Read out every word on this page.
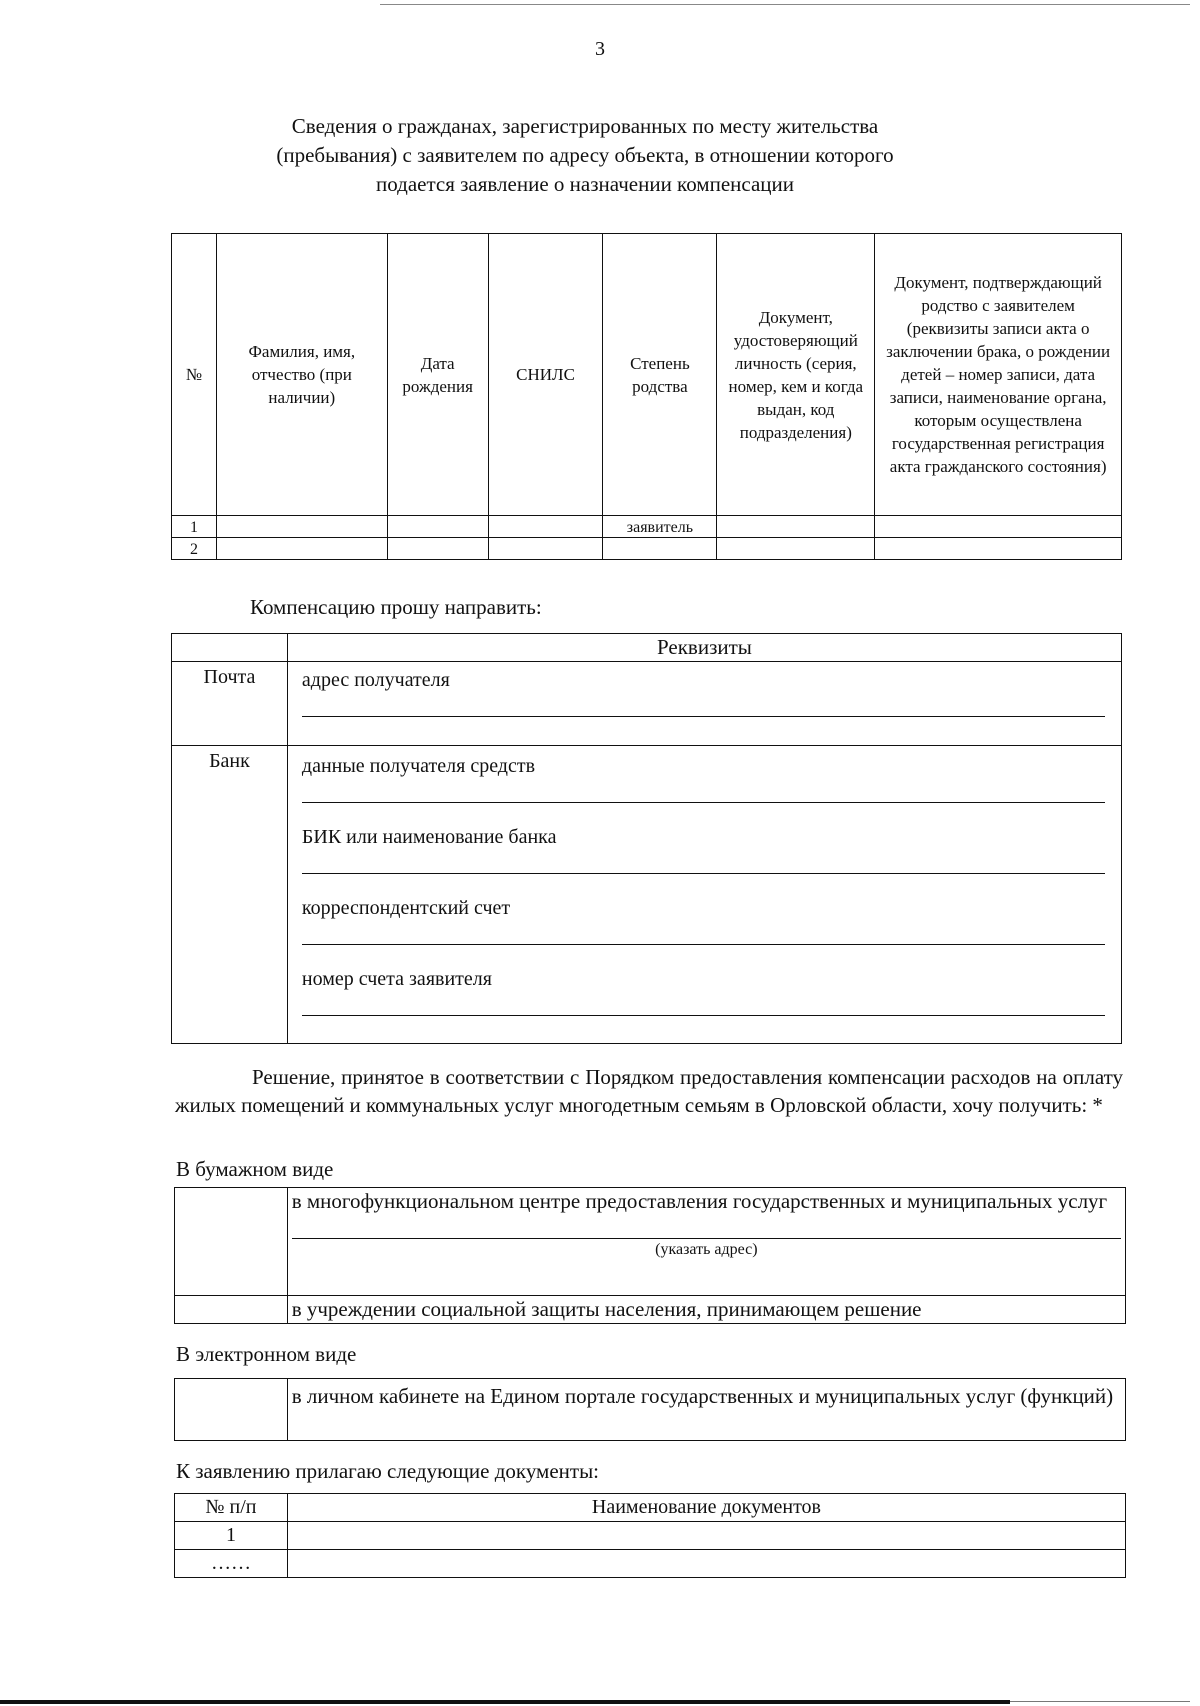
3
Сведения о гражданах, зарегистрированных по месту жительства
(пребывания) с заявителем по адресу объекта, в отношении которого
подается заявление о назначении компенсации
№	Фамилия, имя, отчество (при наличии)	Дата рождения	СНИЛС	Степень родства	Документ, удостоверяющий личность (серия, номер, кем и когда выдан, код подразделения)	Документ, подтверждающий родство с заявителем (реквизиты записи акта о заключении брака, о рождении детей – номер записи, дата записи, наименование органа, которым осуществлена государственная регистрация акта гражданского состояния)
1				заявитель		
2						
Компенсацию прошу направить:
	Реквизиты
Почта	адрес получателя

Банк	данные получателя средств
БИК или наименование банка
корреспондентский счет
номер счета заявителя
Решение, принятое в соответствии с Порядком предоставления компенсации расходов на оплату жилых помещений и коммунальных услуг многодетным семьям в Орловской области, хочу получить: *
В бумажном виде

	в многофункциональном центре предоставления государственных и муниципальных услуг
(указать адрес)

	в учреждении социальной защиты населения, принимающем решение
В электронном виде
	в личном кабинете на Едином портале государственных и муниципальных услуг (функций)
К заявлению прилагаю следующие документы:
№ п/п	Наименование документов
1	
……	
